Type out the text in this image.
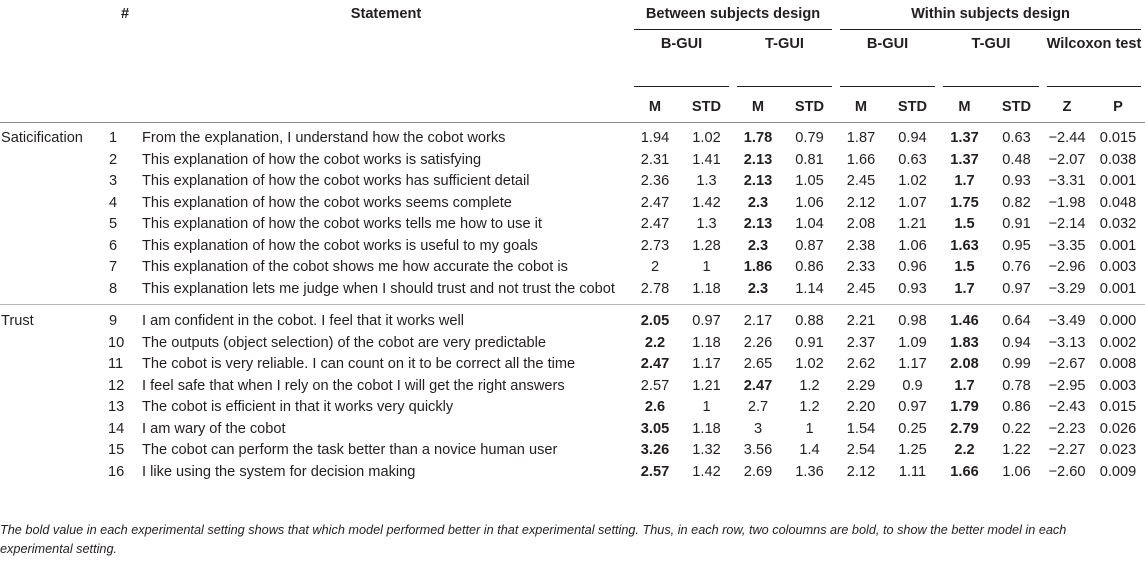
	#	Statement	Between subjects design				Within subjects design					
			B-GUI		T-GUI		B-GUI		T-GUI		Wilcoxon test	
			M	STD	M	STD	M	STD	M	STD	Z	P
Saticification	1	From the explanation, I understand how the cobot works	1.94	1.02	1.78	0.79	1.87	0.94	1.37	0.63	−2.44	0.015
	2	This explanation of how the cobot works is satisfying	2.31	1.41	2.13	0.81	1.66	0.63	1.37	0.48	−2.07	0.038
	3	This explanation of how the cobot works has sufficient detail	2.36	1.3	2.13	1.05	2.45	1.02	1.7	0.93	−3.31	0.001
	4	This explanation of how the cobot works seems complete	2.47	1.42	2.3	1.06	2.12	1.07	1.75	0.82	−1.98	0.048
	5	This explanation of how the cobot works tells me how to use it	2.47	1.3	2.13	1.04	2.08	1.21	1.5	0.91	−2.14	0.032
	6	This explanation of how the cobot works is useful to my goals	2.73	1.28	2.3	0.87	2.38	1.06	1.63	0.95	−3.35	0.001
	7	This explanation of the cobot shows me how accurate the cobot is	2	1	1.86	0.86	2.33	0.96	1.5	0.76	−2.96	0.003
	8	This explanation lets me judge when I should trust and not trust the cobot	2.78	1.18	2.3	1.14	2.45	0.93	1.7	0.97	−3.29	0.001
Trust	9	I am confident in the cobot. I feel that it works well	2.05	0.97	2.17	0.88	2.21	0.98	1.46	0.64	−3.49	0.000
	10	The outputs (object selection) of the cobot are very predictable	2.2	1.18	2.26	0.91	2.37	1.09	1.83	0.94	−3.13	0.002
	11	The cobot is very reliable. I can count on it to be correct all the time	2.47	1.17	2.65	1.02	2.62	1.17	2.08	0.99	−2.67	0.008
	12	I feel safe that when I rely on the cobot I will get the right answers	2.57	1.21	2.47	1.2	2.29	0.9	1.7	0.78	−2.95	0.003
	13	The cobot is efficient in that it works very quickly	2.6	1	2.7	1.2	2.20	0.97	1.79	0.86	−2.43	0.015
	14	I am wary of the cobot	3.05	1.18	3	1	1.54	0.25	2.79	0.22	−2.23	0.026
	15	The cobot can perform the task better than a novice human user	3.26	1.32	3.56	1.4	2.54	1.25	2.2	1.22	−2.27	0.023
	16	I like using the system for decision making	2.57	1.42	2.69	1.36	2.12	1.11	1.66	1.06	−2.60	0.009
The bold value in each experimental setting shows that which model performed better in that experimental setting. Thus, in each row, two coloumns are bold, to show the better model in each experimental setting.
